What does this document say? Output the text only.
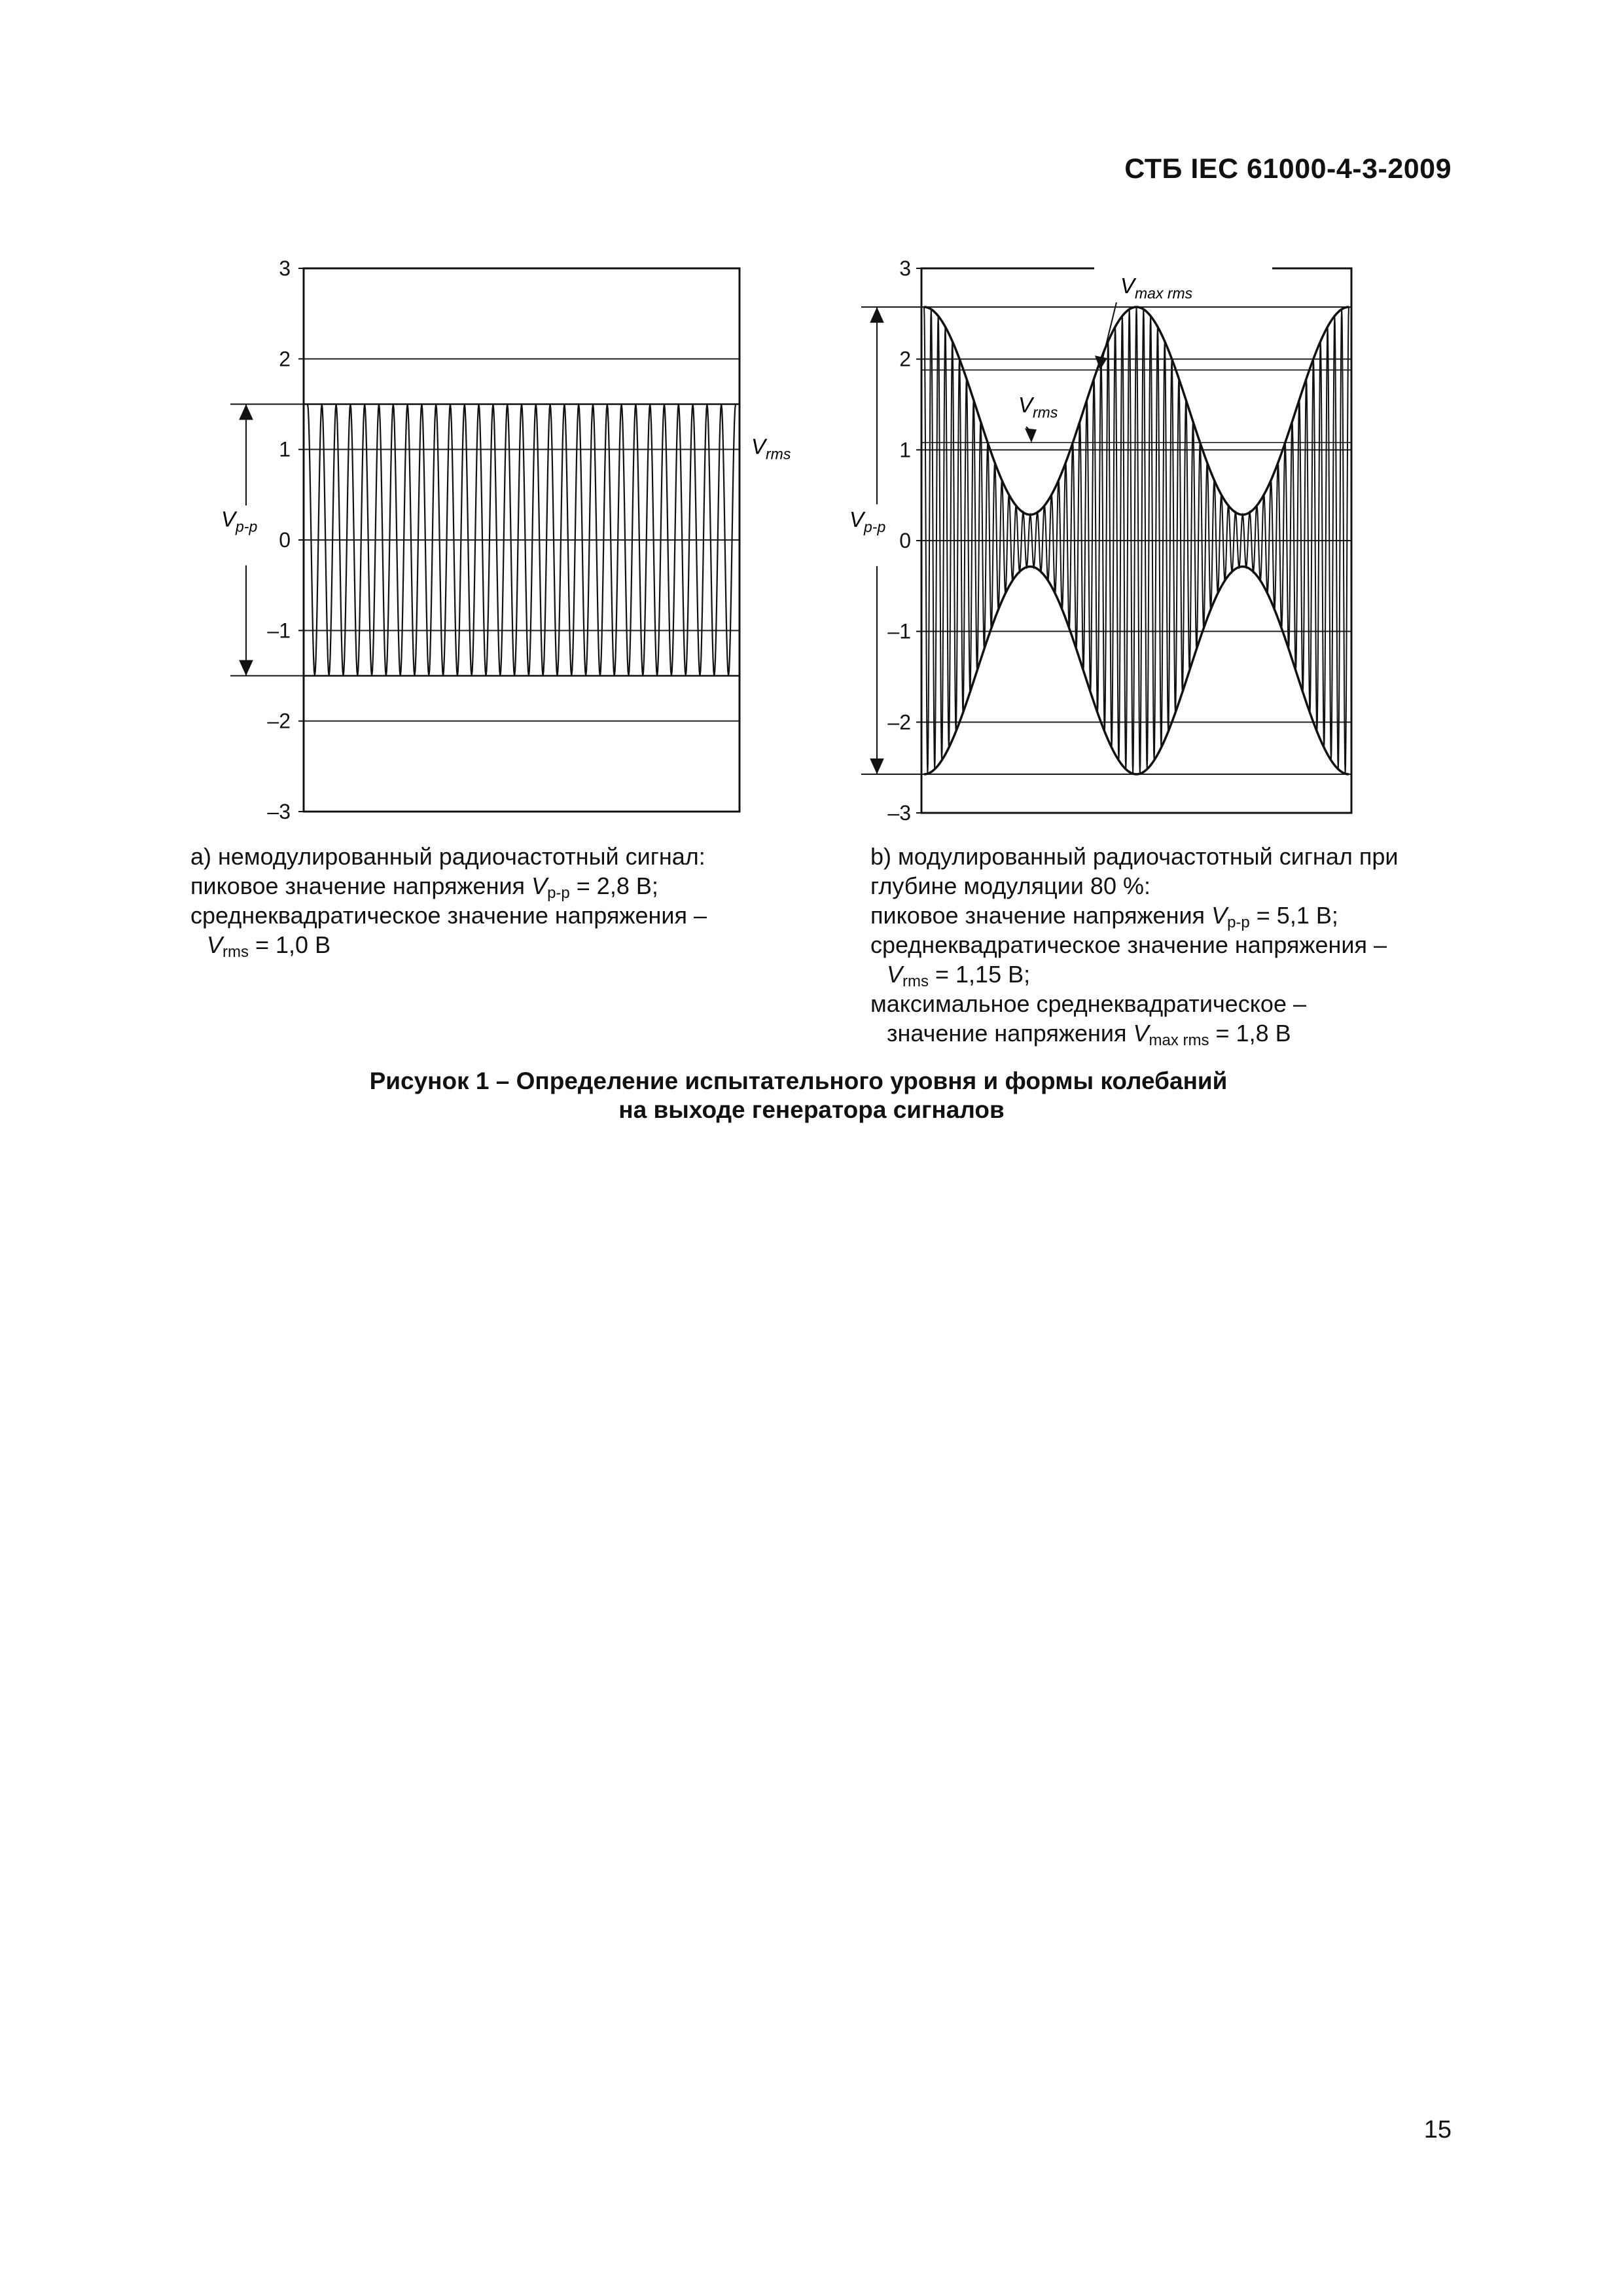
СТБ IEC 61000-4-3-2009
3
2
1
0
–1
–2
–3
$V_{p-p}$
$V_{rms}$
3
2
1
0
–1
–2
–3
$V_{p-p}$
$V_{max rms}$
$V_{rms}$
a) немодулированный радиочастотный сигнал:
пиковое значение напряжения $V_{p-p} = 2,8$ В;
среднеквадратическое значение напряжения –
$V_{rms} = 1,0$ В
b) модулированный радиочастотный сигнал при
глубине модуляции 80 %:
пиковое значение напряжения $V_{p-p} = 5,1$ В;
среднеквадратическое значение напряжения –
$V_{rms} = 1,15$ В;
максимальное среднеквадратическое –
значение напряжения $V_{max rms} = 1,8$ В
Рисунок 1 – Определение испытательного уровня и формы колебаний
на выходе генератора сигналов
15
